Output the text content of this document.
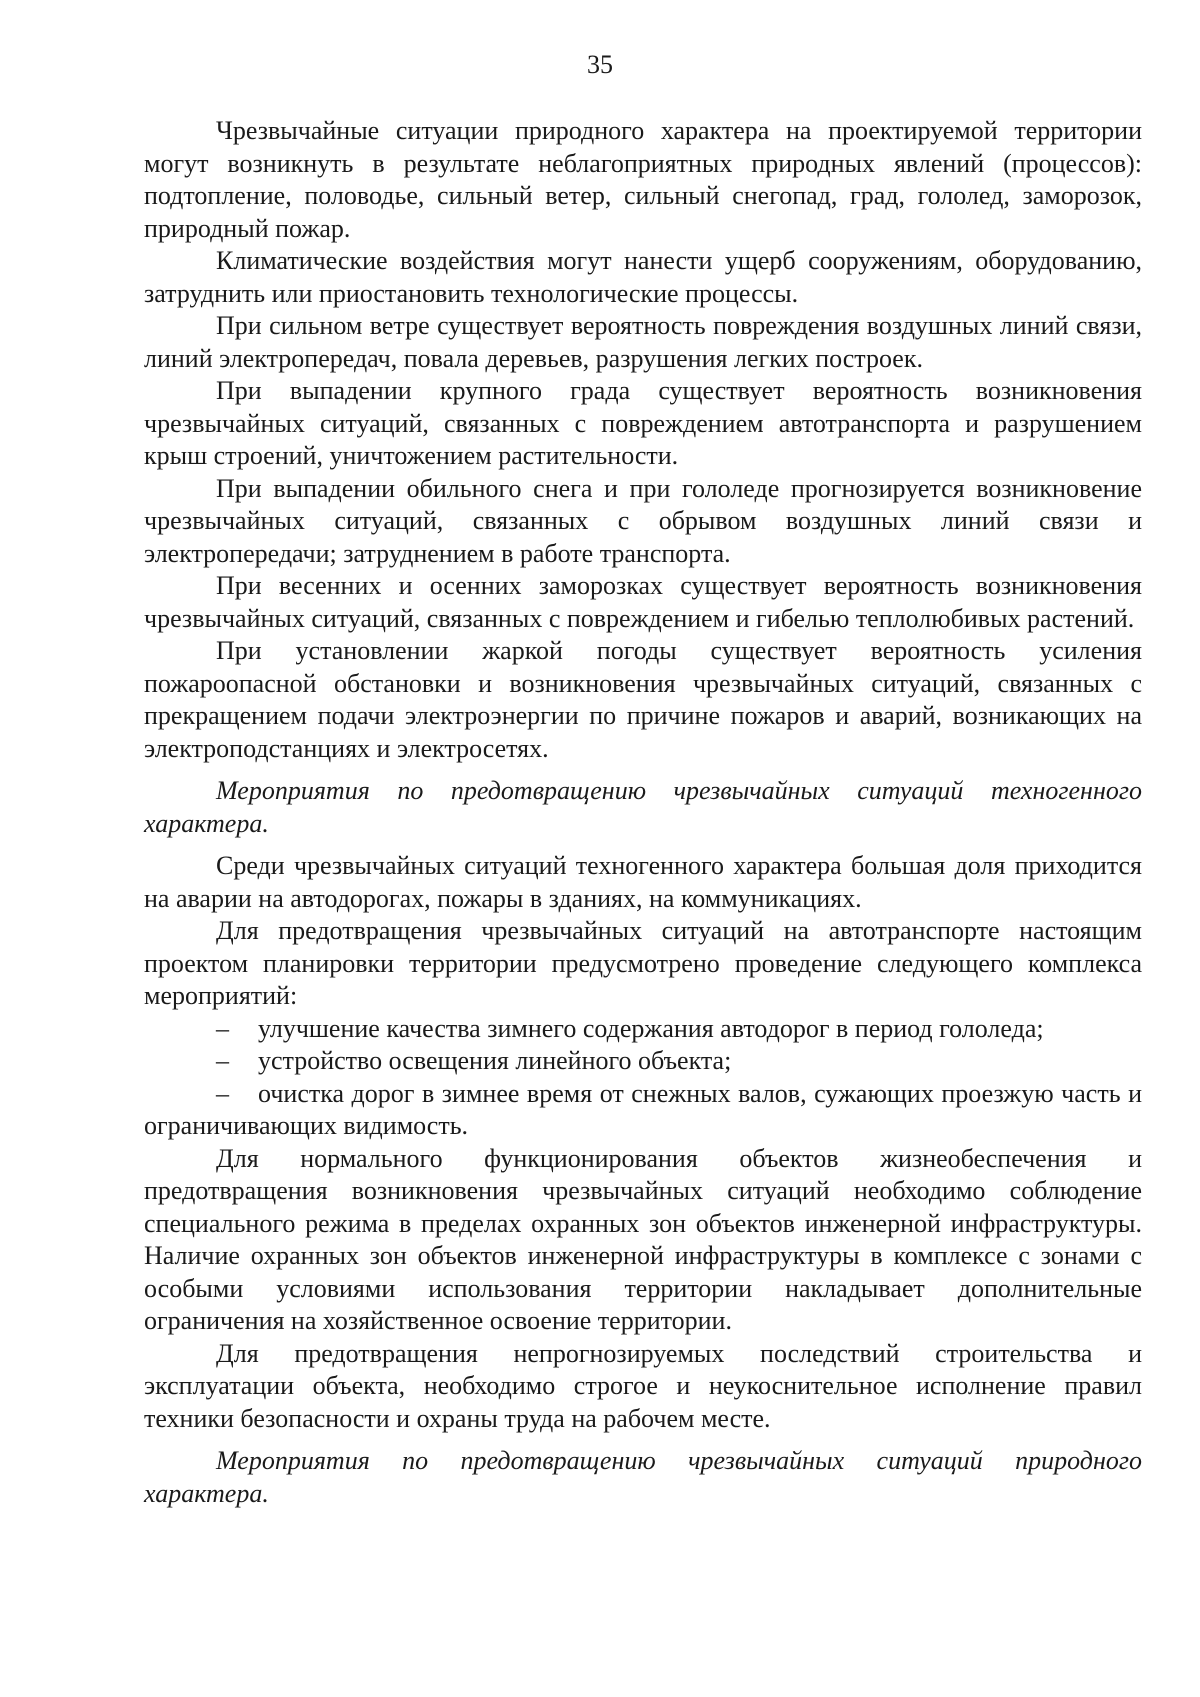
35

Чрезвычайные ситуации природного характера на проектируемой территории могут возникнуть в результате неблагоприятных природных явлений (процессов): подтопление, половодье, сильный ветер, сильный снегопад, град, гололед, заморозок, природный пожар.

Климатические воздействия могут нанести ущерб сооружениям, оборудованию, затруднить или приостановить технологические процессы.

При сильном ветре существует вероятность повреждения воздушных линий связи, линий электропередач, повала деревьев, разрушения легких построек.

При выпадении крупного града существует вероятность возникновения чрезвычайных ситуаций, связанных с повреждением автотранспорта и разрушением крыш строений, уничтожением растительности.

При выпадении обильного снега и при гололеде прогнозируется возникновение чрезвычайных ситуаций, связанных с обрывом воздушных линий связи и электропередачи; затруднением в работе транспорта.

При весенних и осенних заморозках существует вероятность возникновения чрезвычайных ситуаций, связанных с повреждением и гибелью теплолюбивых растений.

При установлении жаркой погоды существует вероятность усиления пожароопасной обстановки и возникновения чрезвычайных ситуаций, связанных с прекращением подачи электроэнергии по причине пожаров и аварий, возникающих на электроподстанциях и электросетях.

Мероприятия по предотвращению чрезвычайных ситуаций техногенного характера.

Среди чрезвычайных ситуаций техногенного характера большая доля приходится на аварии на автодорогах, пожары в зданиях, на коммуникациях.

Для предотвращения чрезвычайных ситуаций на автотранспорте настоящим проектом планировки территории предусмотрено проведение следующего комплекса мероприятий:

– улучшение качества зимнего содержания автодорог в период гололеда;

– устройство освещения линейного объекта;

– очистка дорог в зимнее время от снежных валов, сужающих проезжую часть и ограничивающих видимость.

Для нормального функционирования объектов жизнеобеспечения и предотвращения возникновения чрезвычайных ситуаций необходимо соблюдение специального режима в пределах охранных зон объектов инженерной инфраструктуры. Наличие охранных зон объектов инженерной инфраструктуры в комплексе с зонами с особыми условиями использования территории накладывает дополнительные ограничения на хозяйственное освоение территории.

Для предотвращения непрогнозируемых последствий строительства и эксплуатации объекта, необходимо строгое и неукоснительное исполнение правил техники безопасности и охраны труда на рабочем месте.

Мероприятия по предотвращению чрезвычайных ситуаций природного характера.
